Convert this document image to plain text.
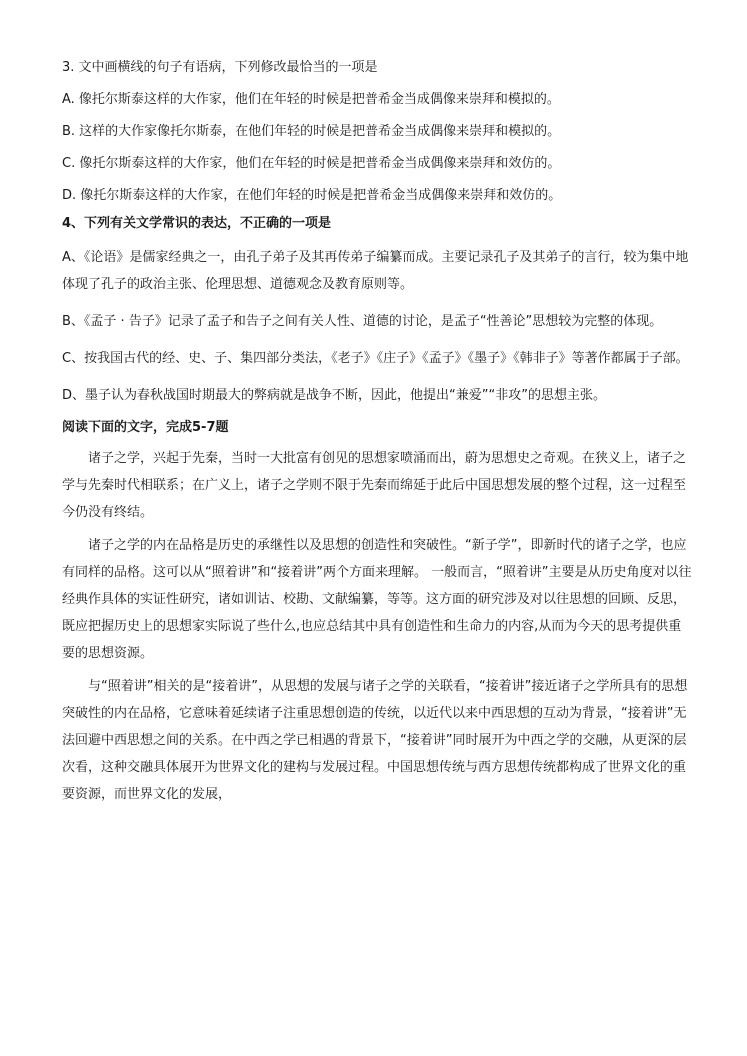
3. 文中画横线的句子有语病，下列修改最恰当的一项是
A. 像托尔斯泰这样的大作家，他们在年轻的时候是把普希金当成偶像来崇拜和模拟的。
B. 这样的大作家像托尔斯泰，在他们年轻的时候是把普希金当成偶像来崇拜和模拟的。
C. 像托尔斯泰这样的大作家，他们在年轻的时候是把普希金当成偶像来崇拜和效仿的。
D. 像托尔斯泰这样的大作家，在他们年轻的时候是把普希金当成偶像来崇拜和效仿的。
4、下列有关文学常识的表达，不正确的一项是
A、《论语》是儒家经典之一，由孔子弟子及其再传弟子编纂而成。主要记录孔子及其弟子的言行，较为集中地体现了孔子的政治主张、伦理思想、道德观念及教育原则等。
B、《孟子 · 告子》记录了孟子和告子之间有关人性、道德的讨论，是孟子“性善论”思想较为完整的体现。
C、按我国古代的经、史、子、集四部分类法，《老子》《庄子》《孟子》《墨子》《韩非子》等著作都属于子部。
D、墨子认为春秋战国时期最大的弊病就是战争不断，因此，他提出“兼爱”“非攻”的思想主张。
阅读下面的文字，完成5-7题
诸子之学，兴起于先秦，当时一大批富有创见的思想家喷涌而出，蔚为思想史之奇观。在狭义上，诸子之学与先秦时代相联系；在广义上，诸子之学则不限于先秦而绵延于此后中国思想发展的整个过程，这一过程至今仍没有终结。
诸子之学的内在品格是历史的承继性以及思想的创造性和突破性。“新子学”，即新时代的诸子之学，也应有同样的品格。这可以从“照着讲”和“接着讲”两个方面来理解。 一般而言，“照着讲”主要是从历史角度对以往经典作具体的实证性研究，诸如训诂、校勘、文献编纂，等等。这方面的研究涉及对以往思想的回顾、反思，既应把握历史上的思想家实际说了些什么,也应总结其中具有创造性和生命力的内容,从而为今天的思考提供重要的思想资源。
与“照着讲”相关的是“接着讲”，从思想的发展与诸子之学的关联看，“接着讲”接近诸子之学所具有的思想突破性的内在品格，它意味着延续诸子注重思想创造的传统，以近代以来中西思想的互动为背景，“接着讲”无法回避中西思想之间的关系。在中西之学已相遇的背景下，“接着讲”同时展开为中西之学的交融，从更深的层次看，这种交融具体展开为世界文化的建构与发展过程。中国思想传统与西方思想传统都构成了世界文化的重要资源，而世界文化的发展，
